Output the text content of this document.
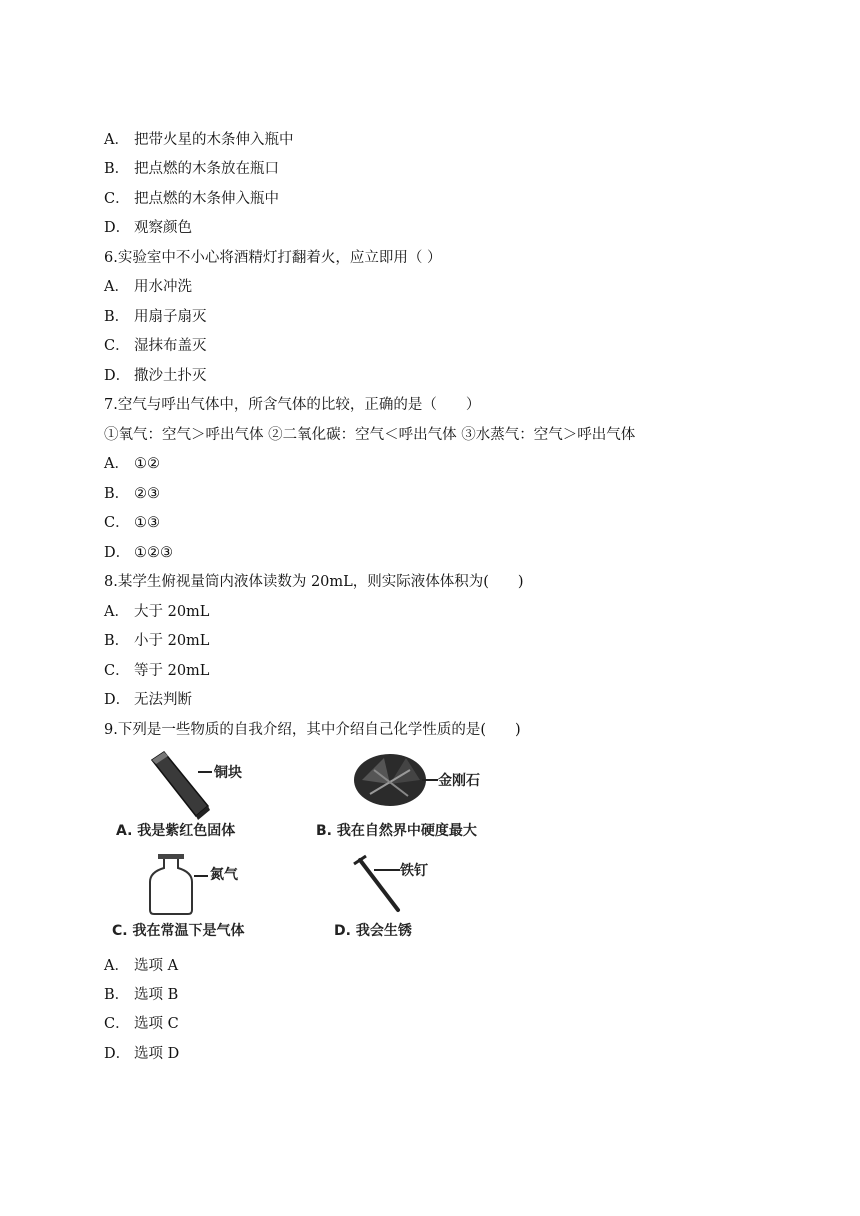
A． 把带火星的木条伸入瓶中
B． 把点燃的木条放在瓶口
C． 把点燃的木条伸入瓶中
D． 观察颜色
6.实验室中不小心将酒精灯打翻着火，应立即用（ ）
A． 用水冲洗
B． 用扇子扇灭
C． 湿抹布盖灭
D． 撒沙土扑灭
7.空气与呼出气体中，所含气体的比较，正确的是（　　）
①氧气：空气＞呼出气体 ②二氧化碳：空气＜呼出气体 ③水蒸气：空气＞呼出气体
A． ①②
B． ②③
C． ①③
D． ①②③
8.某学生俯视量筒内液体读数为 20mL，则实际液体体积为(　　)
A． 大于 20mL
B． 小于 20mL
C． 等于 20mL
D． 无法判断
9.下列是一些物质的自我介绍，其中介绍自己化学性质的是(　　)
铜块
A. 我是紫红色固体
金刚石
B. 我在自然界中硬度最大
氮气
C. 我在常温下是气体
铁钉
D. 我会生锈
A． 选项 A
B． 选项 B
C． 选项 C
D． 选项 D
